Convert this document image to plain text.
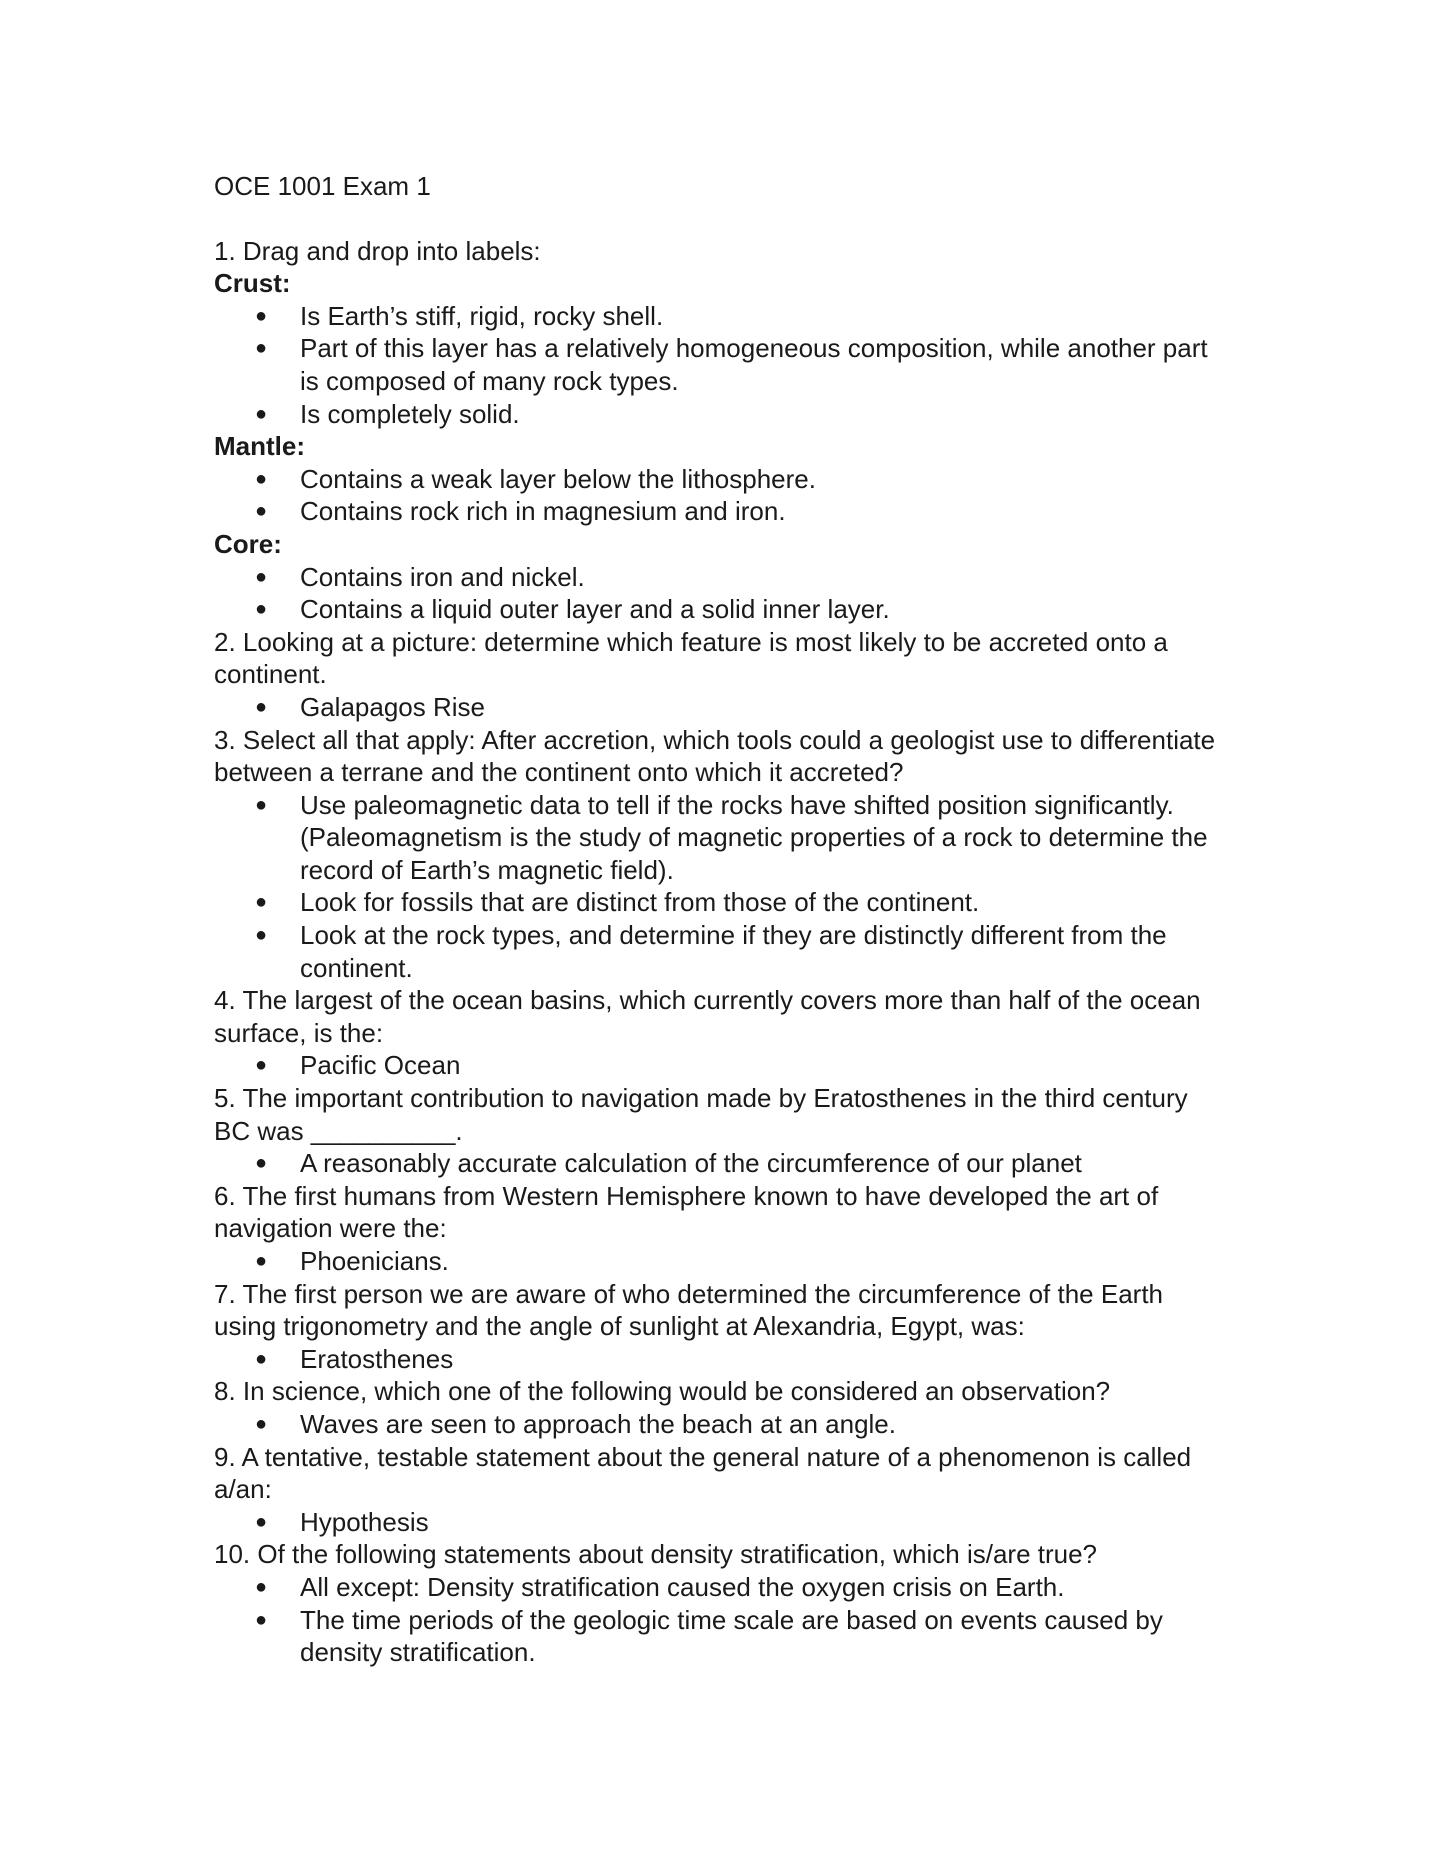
OCE 1001 Exam 1

1. Drag and drop into labels:

Crust:

● Is Earth’s stiff, rigid, rocky shell.
● Part of this layer has a relatively homogeneous composition, while another part is composed of many rock types.
● Is completely solid.

Mantle:

● Contains a weak layer below the lithosphere.
● Contains rock rich in magnesium and iron.

Core:

● Contains iron and nickel.
● Contains a liquid outer layer and a solid inner layer.

2. Looking at a picture: determine which feature is most likely to be accreted onto a continent.

● Galapagos Rise

3. Select all that apply: After accretion, which tools could a geologist use to differentiate between a terrane and the continent onto which it accreted?

● Use paleomagnetic data to tell if the rocks have shifted position significantly. (Paleomagnetism is the study of magnetic properties of a rock to determine the record of Earth’s magnetic field).
● Look for fossils that are distinct from those of the continent.
● Look at the rock types, and determine if they are distinctly different from the continent.

4. The largest of the ocean basins, which currently covers more than half of the ocean surface, is the:

● Pacific Ocean

5. The important contribution to navigation made by Eratosthenes in the third century BC was __________.

● A reasonably accurate calculation of the circumference of our planet

6. The first humans from Western Hemisphere known to have developed the art of navigation were the:

● Phoenicians.

7. The first person we are aware of who determined the circumference of the Earth using trigonometry and the angle of sunlight at Alexandria, Egypt, was:

● Eratosthenes

8. In science, which one of the following would be considered an observation?

● Waves are seen to approach the beach at an angle.

9. A tentative, testable statement about the general nature of a phenomenon is called a/an:

● Hypothesis

10. Of the following statements about density stratification, which is/are true?

● All except: Density stratification caused the oxygen crisis on Earth.
● The time periods of the geologic time scale are based on events caused by density stratification.
